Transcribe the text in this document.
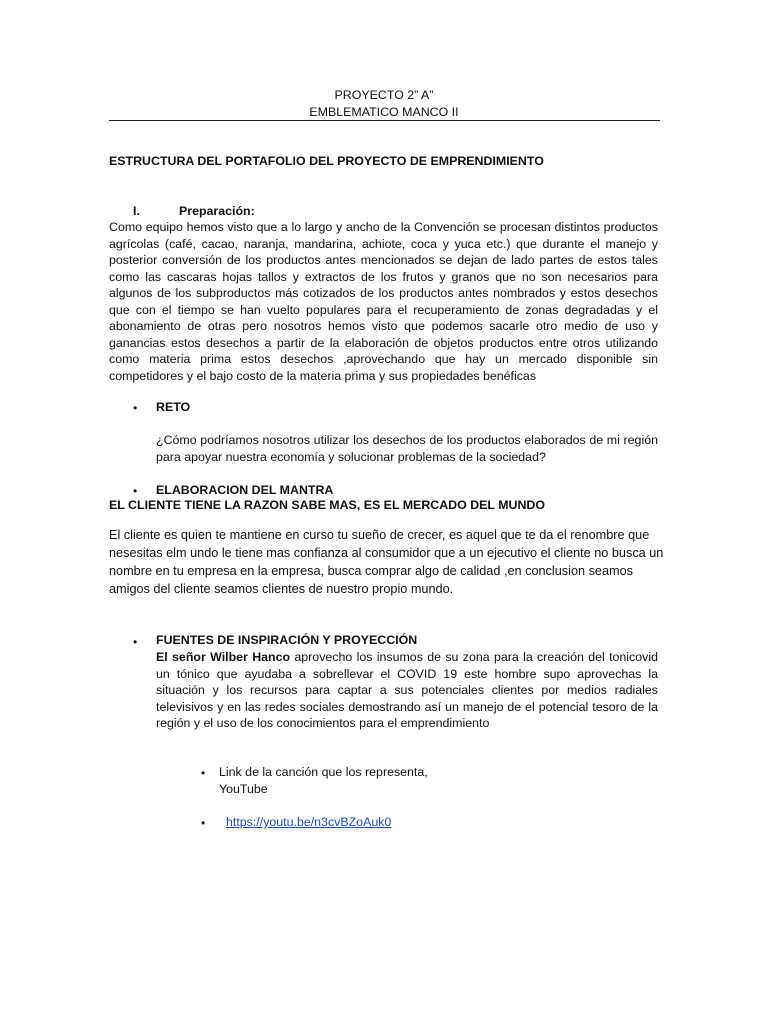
PROYECTO 2” A”
EMBLEMATICO MANCO II
ESTRUCTURA DEL PORTAFOLIO DEL PROYECTO DE EMPRENDIMIENTO
I.	Preparación:

Como equipo hemos visto que a lo largo y ancho de la Convención se procesan distintos productos agrícolas (café, cacao, naranja, mandarina, achiote, coca y yuca etc.) que durante el manejo y posterior conversión de los productos antes mencionados se dejan de lado partes de estos tales como las cascaras hojas tallos y extractos de los frutos y granos que no son necesarios para algunos de los subproductos más cotizados de los productos antes nombrados y estos desechos que con el tiempo se han vuelto populares para el recuperamiento de zonas degradadas y el abonamiento de otras pero nosotros hemos visto que podemos sacarle otro medio de uso y ganancias estos desechos a partir de la elaboración de objetos productos entre otros utilizando como materia prima estos desechos ,aprovechando que hay un mercado disponible sin competidores y el bajo costo de la materia prima y sus propiedades benéficas

• RETO

¿Cómo podríamos nosotros utilizar los desechos de los productos elaborados de mi región para apoyar nuestra economía y solucionar problemas de la sociedad?

• ELABORACION DEL MANTRA
EL CLIENTE TIENE LA RAZON SABE MAS, ES EL MERCADO DEL MUNDO

El cliente es quien te mantiene en curso tu sueño de crecer, es aquel que te da el renombre que nesesitas elm undo le tiene mas confianza al consumidor que a un ejecutivo el cliente no busca un nombre en tu empresa en la empresa, busca comprar algo de calidad ,en conclusion seamos amigos del cliente seamos clientes de nuestro propio mundo.

• FUENTES DE INSPIRACIÓN Y PROYECCIÓN

El señor Wilber Hanco aprovecho los insumos de su zona para la creación del tonicovid un tónico que ayudaba a sobrellevar el COVID 19 este hombre supo aprovechas la situación y los recursos para captar a sus potenciales clientes por medios radiales televisivos y en las redes sociales demostrando así un manejo de el potencial tesoro de la región y el uso de los conocimientos para el emprendimiento

• Link de la canción que los representa,
YouTube
• https://youtu.be/n3cvBZoAuk0
